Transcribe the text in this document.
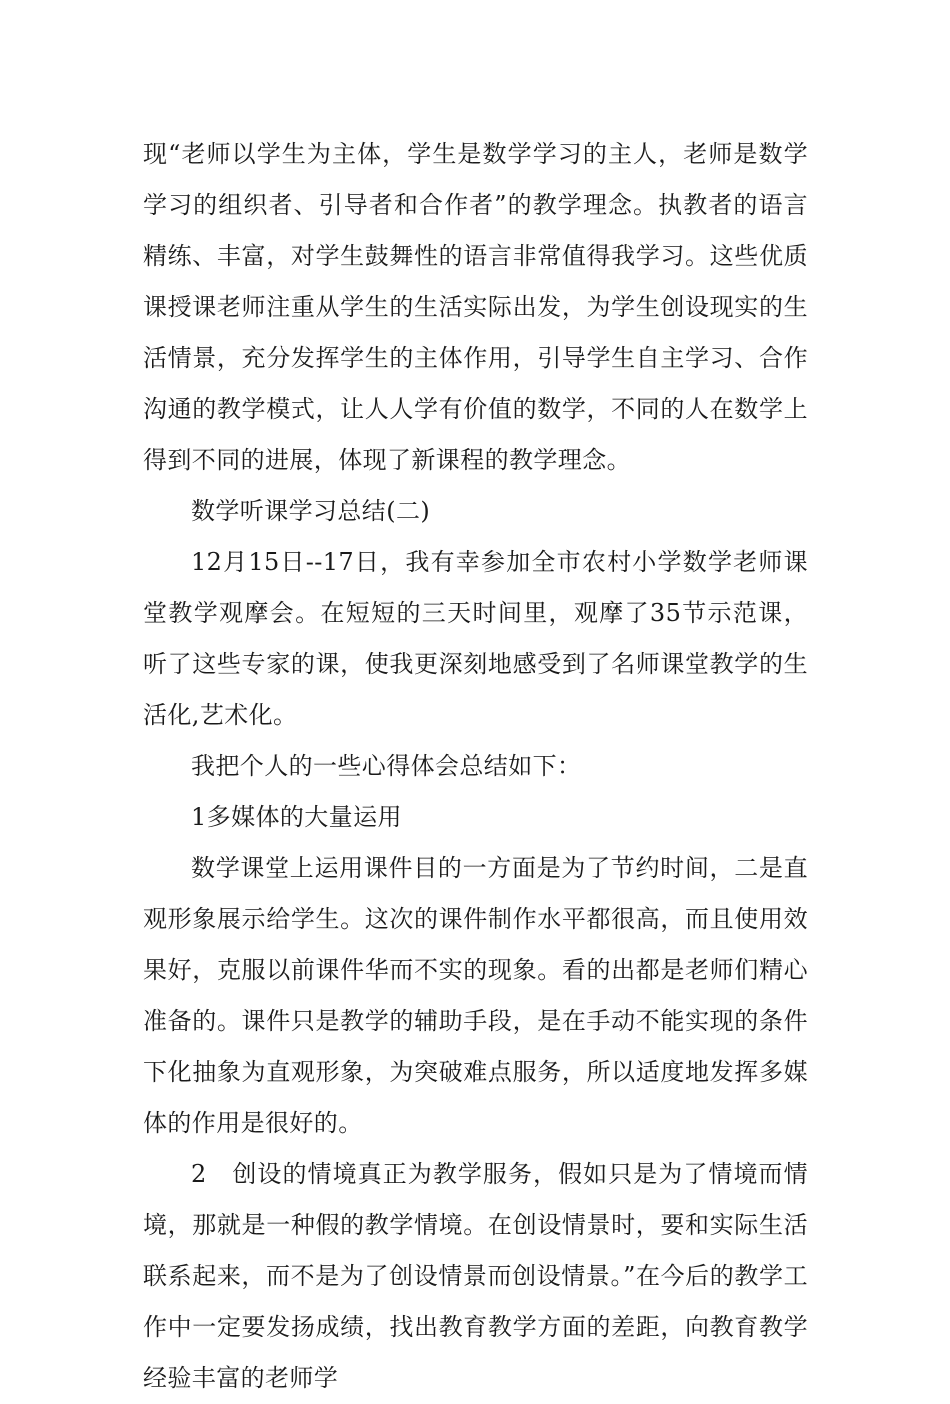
现“老师以学生为主体，学生是数学学习的主人，老师是数学学习的组织者、引导者和合作者”的教学理念。执教者的语言精练、丰富，对学生鼓舞性的语言非常值得我学习。这些优质课授课老师注重从学生的生活实际出发，为学生创设现实的生活情景，充分发挥学生的主体作用，引导学生自主学习、合作沟通的教学模式，让人人学有价值的数学，不同的人在数学上得到不同的进展，体现了新课程的教学理念。

数学听课学习总结(二)

12月15日--17日，我有幸参加全市农村小学数学老师课堂教学观摩会。在短短的三天时间里，观摩了35节示范课，听了这些专家的课，使我更深刻地感受到了名师课堂教学的生活化,艺术化。

我把个人的一些心得体会总结如下：

1多媒体的大量运用

数学课堂上运用课件目的一方面是为了节约时间，二是直观形象展示给学生。这次的课件制作水平都很高，而且使用效果好，克服以前课件华而不实的现象。看的出都是老师们精心准备的。课件只是教学的辅助手段，是在手动不能实现的条件下化抽象为直观形象，为突破难点服务，所以适度地发挥多媒体的作用是很好的。

2　创设的情境真正为教学服务，假如只是为了情境而情境，那就是一种假的教学情境。在创设情景时，要和实际生活联系起来，而不是为了创设情景而创设情景。”在今后的教学工作中一定要发扬成绩，找出教育教学方面的差距，向教育教学经验丰富的老师学
